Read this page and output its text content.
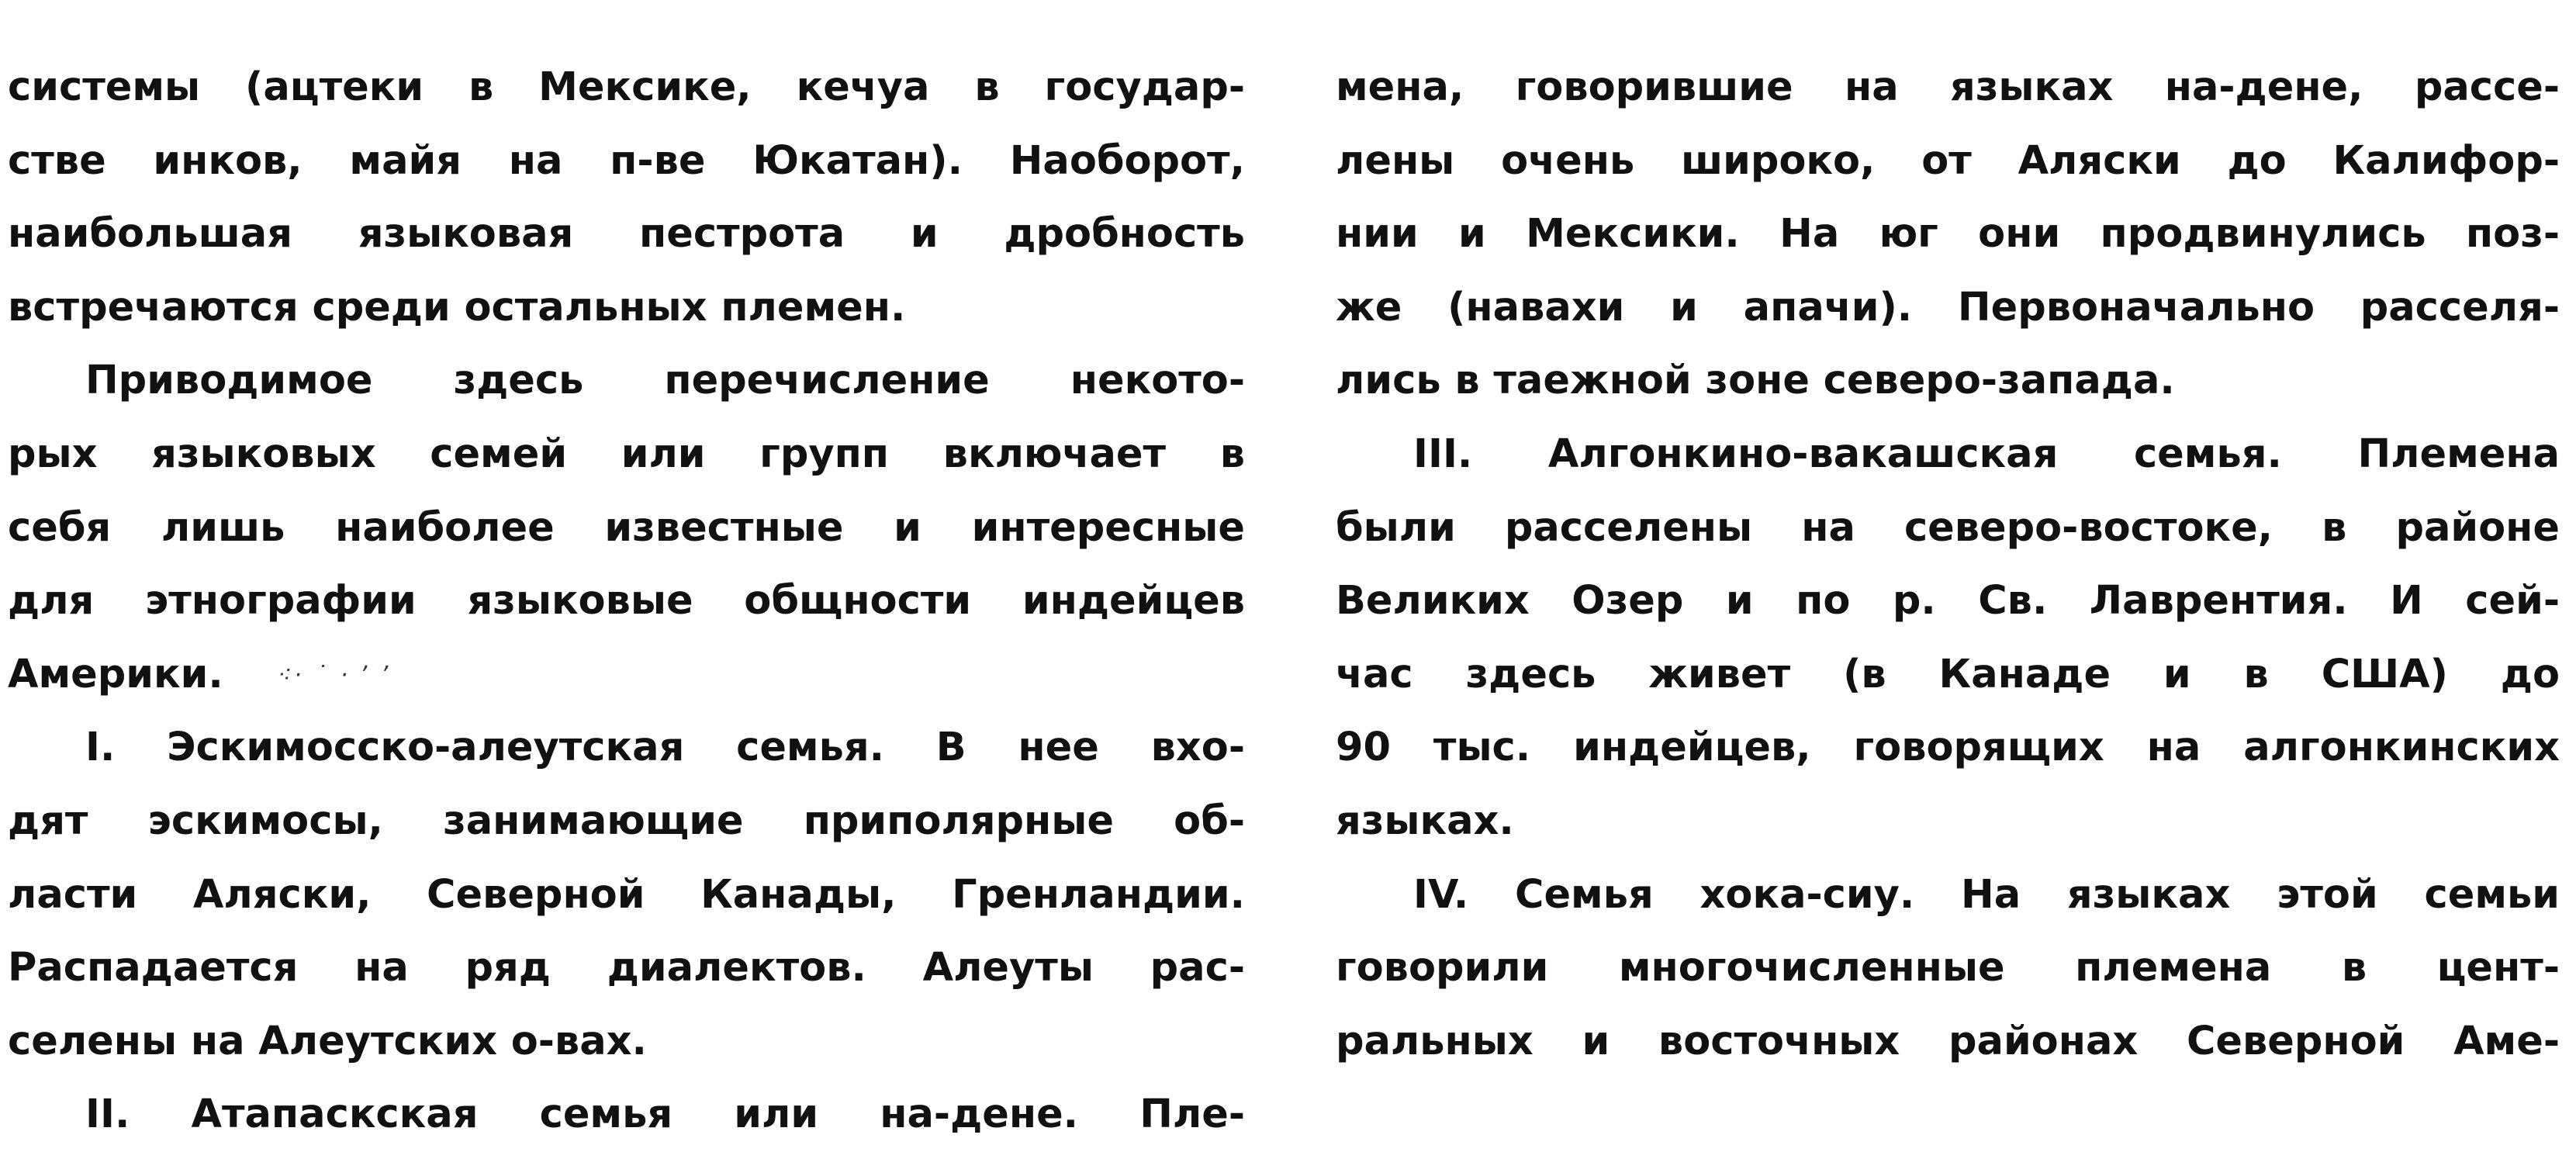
системы (ацтеки в Мексике, кечуа в государ-
стве инков, майя на п-ве Юкатан). Наоборот,
наибольшая языковая пестрота и дробность
встречаются среди остальных племен.
Приводимое здесь перечисление некото-
рых языковых семей или групп включает в
себя лишь наиболее известные и интересные
для этнографии языковые общности индейцев
Америки. ⁖· ˙ · ʼ ʼ
I. Эскимосско-алеутская семья. В нее вхо-
дят эскимосы, занимающие приполярные об-
ласти Аляски, Северной Канады, Гренландии.
Распадается на ряд диалектов. Алеуты рас-
селены на Алеутских о-вах.
II. Атапаскская семья или на-дене. Пле-
мена, говорившие на языках на-дене, рассе-
лены очень широко, от Аляски до Калифор-
нии и Мексики. На юг они продвинулись поз-
же (навахи и апачи). Первоначально расселя-
лись в таежной зоне северо-запада.
III. Алгонкино-вакашская семья. Племена
были расселены на северо-востоке, в районе
Великих Озер и по р. Св. Лаврентия. И сей-
час здесь живет (в Канаде и в США) до
90 тыс. индейцев, говорящих на алгонкинских
языках.
IV. Семья хока-сиу. На языках этой семьи
говорили многочисленные племена в цент-
ральных и восточных районах Северной Аме-
